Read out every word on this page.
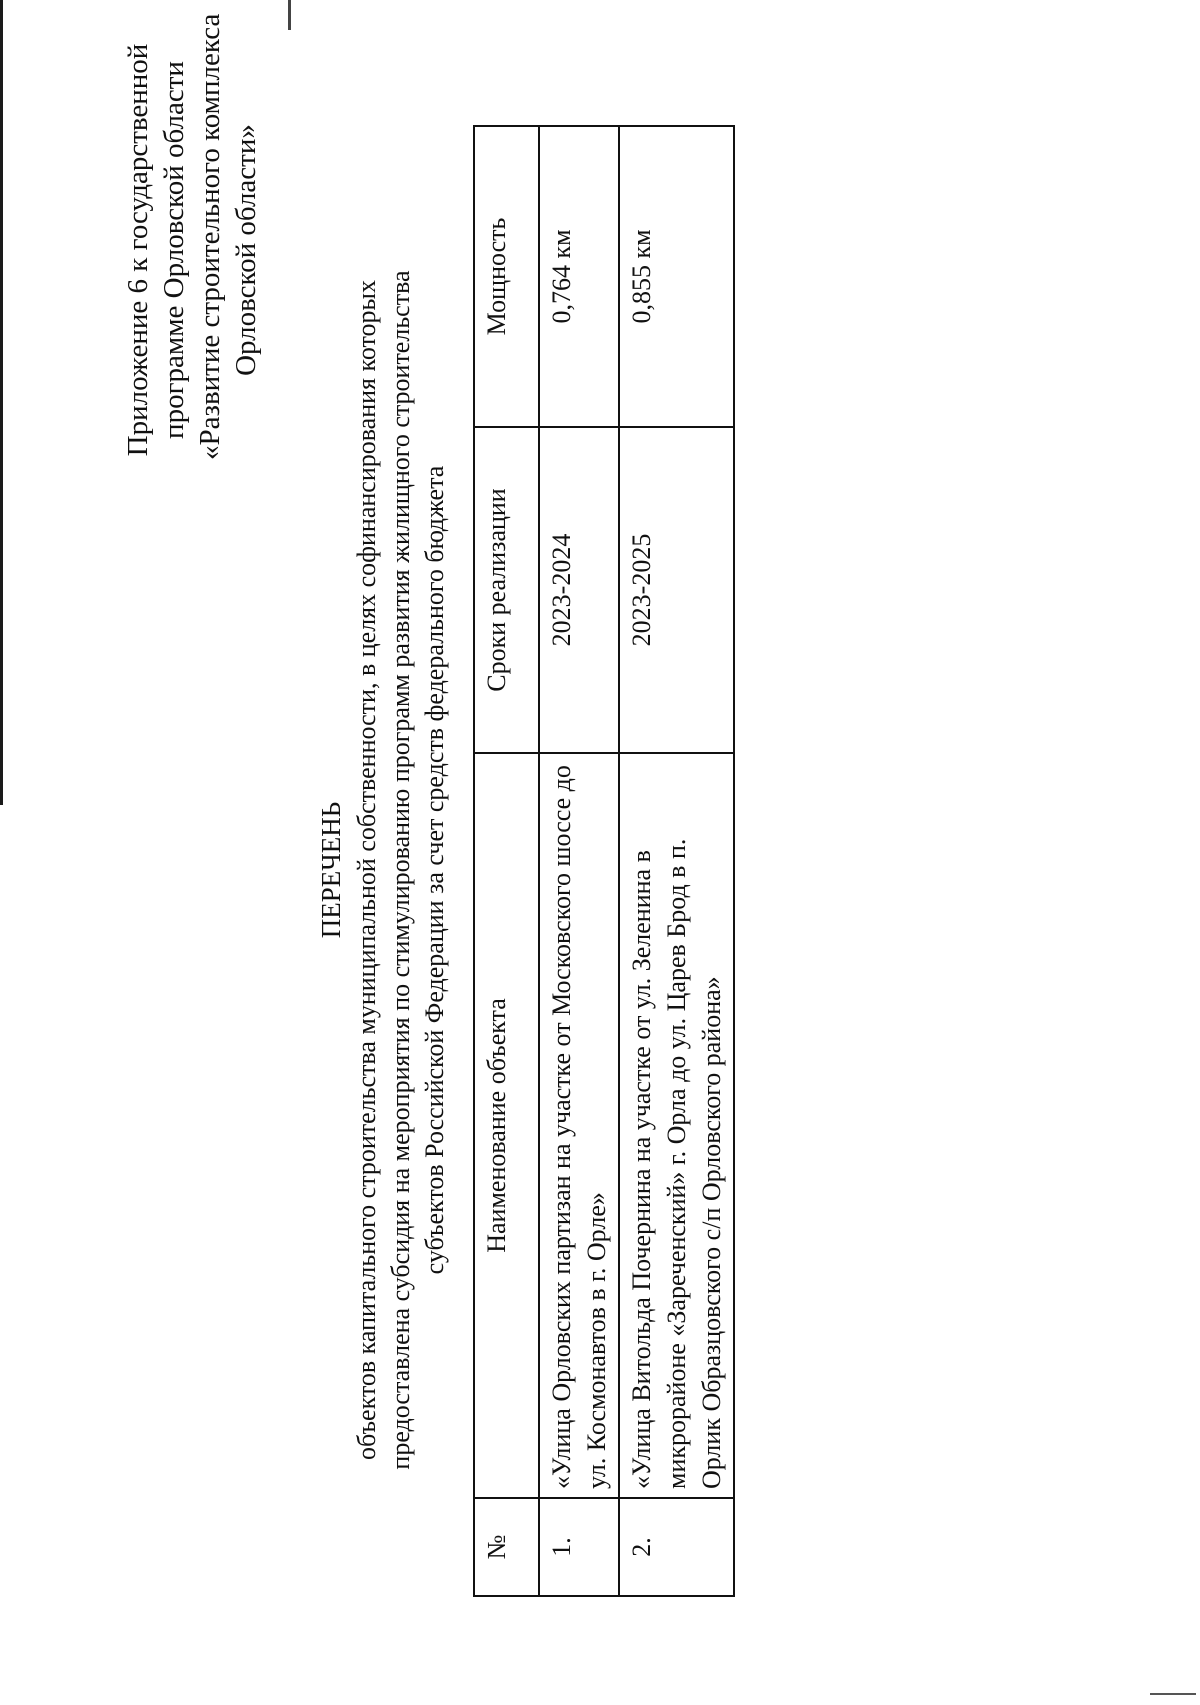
Приложение 6 к государственной программе Орловской области «Развитие строительного комплекса Орловской области»
ПЕРЕЧЕНЬ объектов капитального строительства муниципальной собственности, в целях софинансирования которых предоставлена субсидия на мероприятия по стимулированию программ развития жилищного строительства субъектов Российской Федерации за счет средств федерального бюджета
№	Наименование объекта	Сроки реализации	Мощность
1.	«Улица Орловских партизан на участке от Московского шоссе до ул. Космонавтов в г. Орле»	2023-2024	0,764 км
2.	«Улица Витольда Почернина на участке от ул. Зеленина в микрорайоне «Зареченский» г. Орла до ул. Царев Брод в п. Орлик Образцовского с/п Орловского района»	2023-2025	0,855 км
